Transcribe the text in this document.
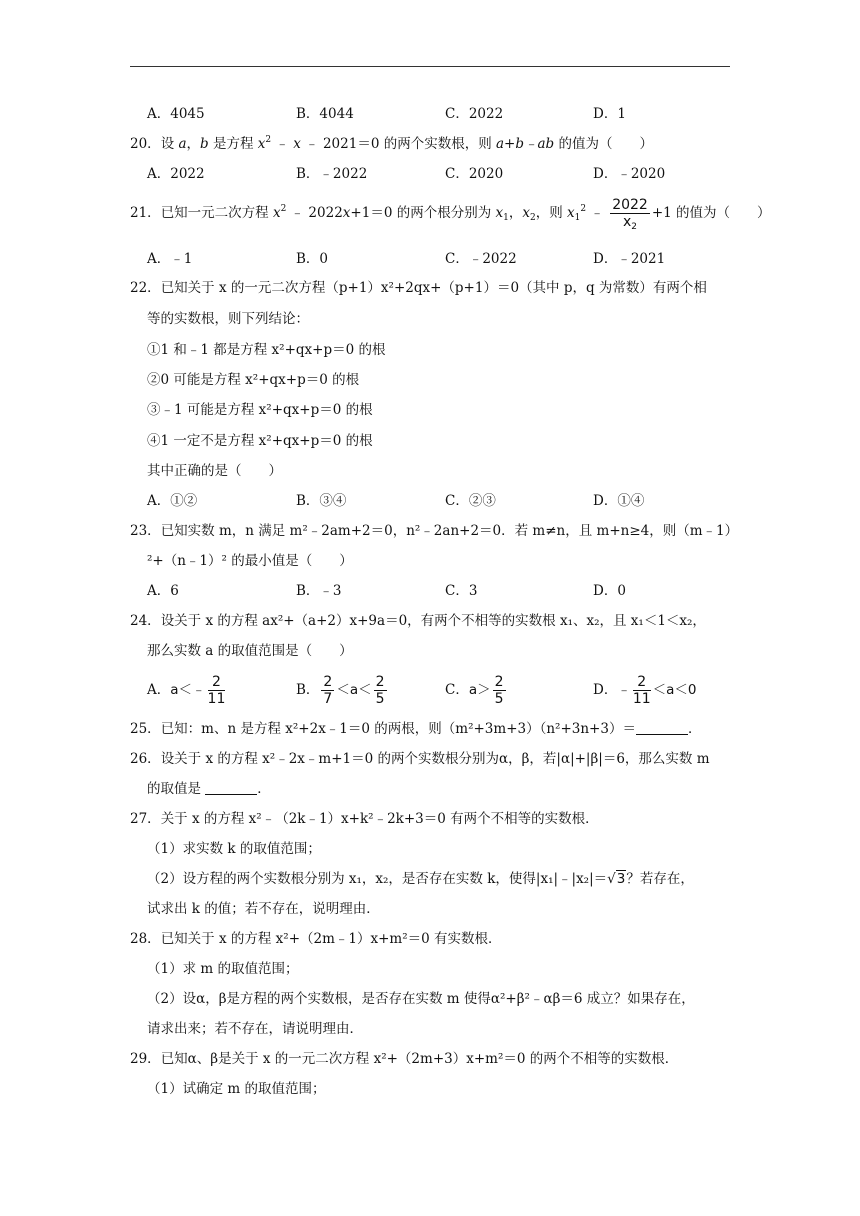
A．4045	B．4044	C．2022	D．1
20．设 a，b 是方程 $x^2$ ﹣ x ﹣ 2021＝0 的两个实数根，则 a+b﹣ab 的值为（　　）
A．2022	B．﹣2022	C．2020	D．﹣2020
21．已知一元二次方程 $x^2$ ﹣ 2022x+1＝0 的两个根分别为 $x_1$，$x_2$，则 $x_1^2$ ﹣ $\frac{2022}{x_2} +1$ 的值为（　　）
A．﹣1	B．0	C．﹣2022	D．﹣2021
22．已知关于 x 的一元二次方程（p+1）x²+2qx+（p+1）＝0（其中 p，q 为常数）有两个相
等的实数根，则下列结论：
①1 和﹣1 都是方程 x²+qx+p＝0 的根
②0 可能是方程 x²+qx+p＝0 的根
③﹣1 可能是方程 x²+qx+p＝0 的根
④1 一定不是方程 x²+qx+p＝0 的根
其中正确的是（　　）
A．①②	B．③④	C．②③	D．①④
23．已知实数 m，n 满足 m²﹣2am+2＝0，n²﹣2an+2＝0．若 m≠n，且 m+n≥4，则（m﹣1）
²+（n﹣1）² 的最小值是（　　）
A．6	B．﹣3	C．3	D．0
24．设关于 x 的方程 ax²+（a+2）x+9a＝0，有两个不相等的实数根 x₁、x₂，且 x₁＜1＜x₂，
那么实数 a 的取值范围是（　　）
A．a＜﹣ $\frac{2}{11}$	B． $\frac{2}{7} <a< \frac{2}{5}$	C．$a> \frac{2}{5}$	D．﹣ $\frac{2}{11} <a<0$
25．已知：m、n 是方程 x²+2x﹣1＝0 的两根，则（m²+3m+3）（n²+3n+3）＝	．
26．设关于 x 的方程 x²﹣2x﹣m+1＝0 的两个实数根分别为α，β，若|α|+|β|＝6，那么实数 m
的取值是	．
27．关于 x 的方程 x²﹣（2k﹣1）x+k²﹣2k+3＝0 有两个不相等的实数根．
（1）求实数 k 的取值范围；
（2）设方程的两个实数根分别为 x₁，x₂，是否存在实数 k，使得|x₁|﹣|x₂|＝√3？若存在，
试求出 k 的值；若不存在，说明理由．
28．已知关于 x 的方程 x²+（2m﹣1）x+m²＝0 有实数根．
（1）求 m 的取值范围；
（2）设α，β是方程的两个实数根，是否存在实数 m 使得α²+β²﹣αβ＝6 成立？如果存在，
请求出来；若不存在，请说明理由．
29．已知α、β是关于 x 的一元二次方程 x²+（2m+3）x+m²＝0 的两个不相等的实数根．
（1）试确定 m 的取值范围；
